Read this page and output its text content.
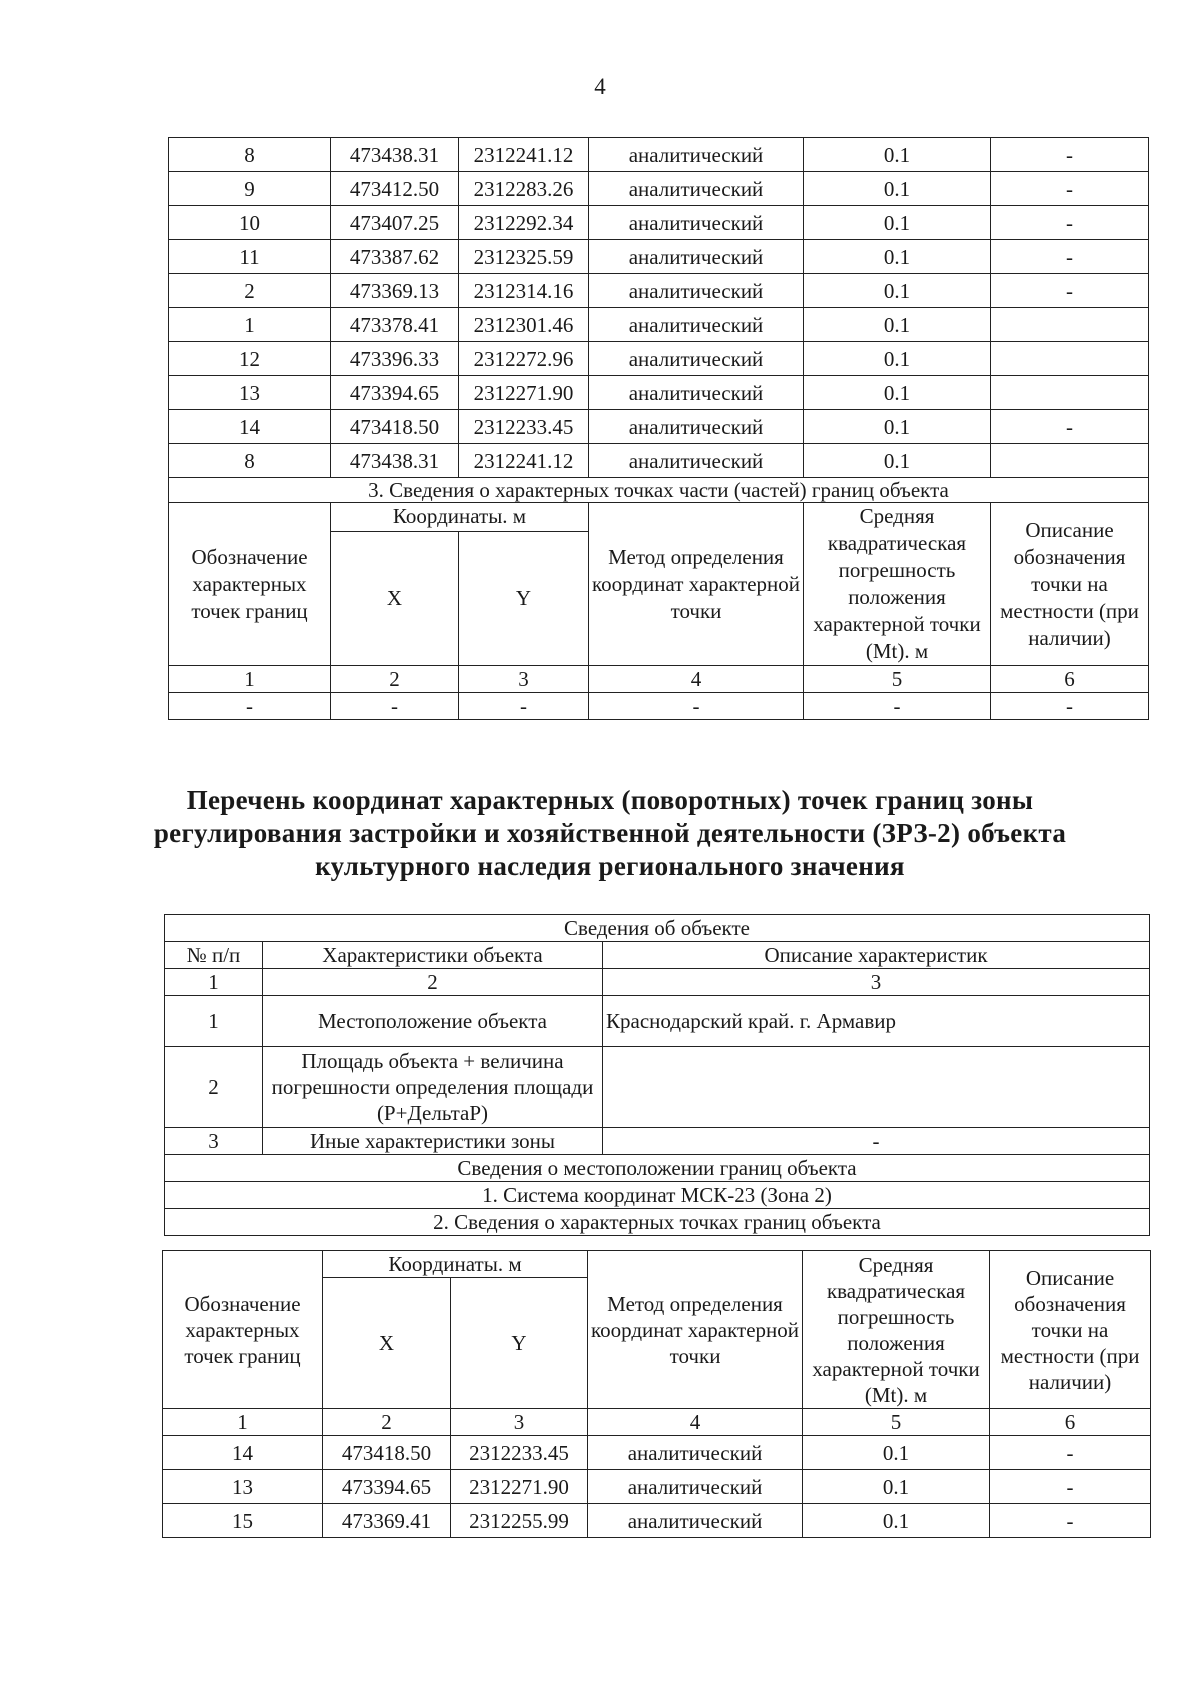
4
8	473438.31	2312241.12	аналитический	0.1	-
9	473412.50	2312283.26	аналитический	0.1	-
10	473407.25	2312292.34	аналитический	0.1	-
11	473387.62	2312325.59	аналитический	0.1	-
2	473369.13	2312314.16	аналитический	0.1	-
1	473378.41	2312301.46	аналитический	0.1	
12	473396.33	2312272.96	аналитический	0.1	
13	473394.65	2312271.90	аналитический	0.1	
14	473418.50	2312233.45	аналитический	0.1	-
8	473438.31	2312241.12	аналитический	0.1	
3. Сведения о характерных точках части (частей) границ объекта					
Обозначение характерных точек границ	Координаты. м		Метод определения координат характерной точки	Средняя квадратическая погрешность положения характерной точки (Mt). м	Описание обозначения точки на местности (при наличии)
	X	Y			
1	2	3	4	5	6
-	-	-	-	-	-
Перечень координат характерных (поворотных) точек границ зоны регулирования застройки и хозяйственной деятельности (ЗРЗ-2) объекта культурного наследия регионального значения
Сведения об объекте		
№ п/п	Характеристики объекта	Описание характеристик
1	2	3
1	Местоположение объекта	Краснодарский край. г. Армавир
2	Площадь объекта + величина погрешности определения площади (P+ДельтаP)	
3	Иные характеристики зоны	-
Сведения о местоположении границ объекта		
1. Система координат МСК-23 (Зона 2)		
2. Сведения о характерных точках границ объекта		
Обозначение характерных точек границ	Координаты. м		Метод определения координат характерной точки	Средняя квадратическая погрешность положения характерной точки (Mt). м	Описание обозначения точки на местности (при наличии)
	X	Y			
1	2	3	4	5	6
14	473418.50	2312233.45	аналитический	0.1	-
13	473394.65	2312271.90	аналитический	0.1	-
15	473369.41	2312255.99	аналитический	0.1	-
